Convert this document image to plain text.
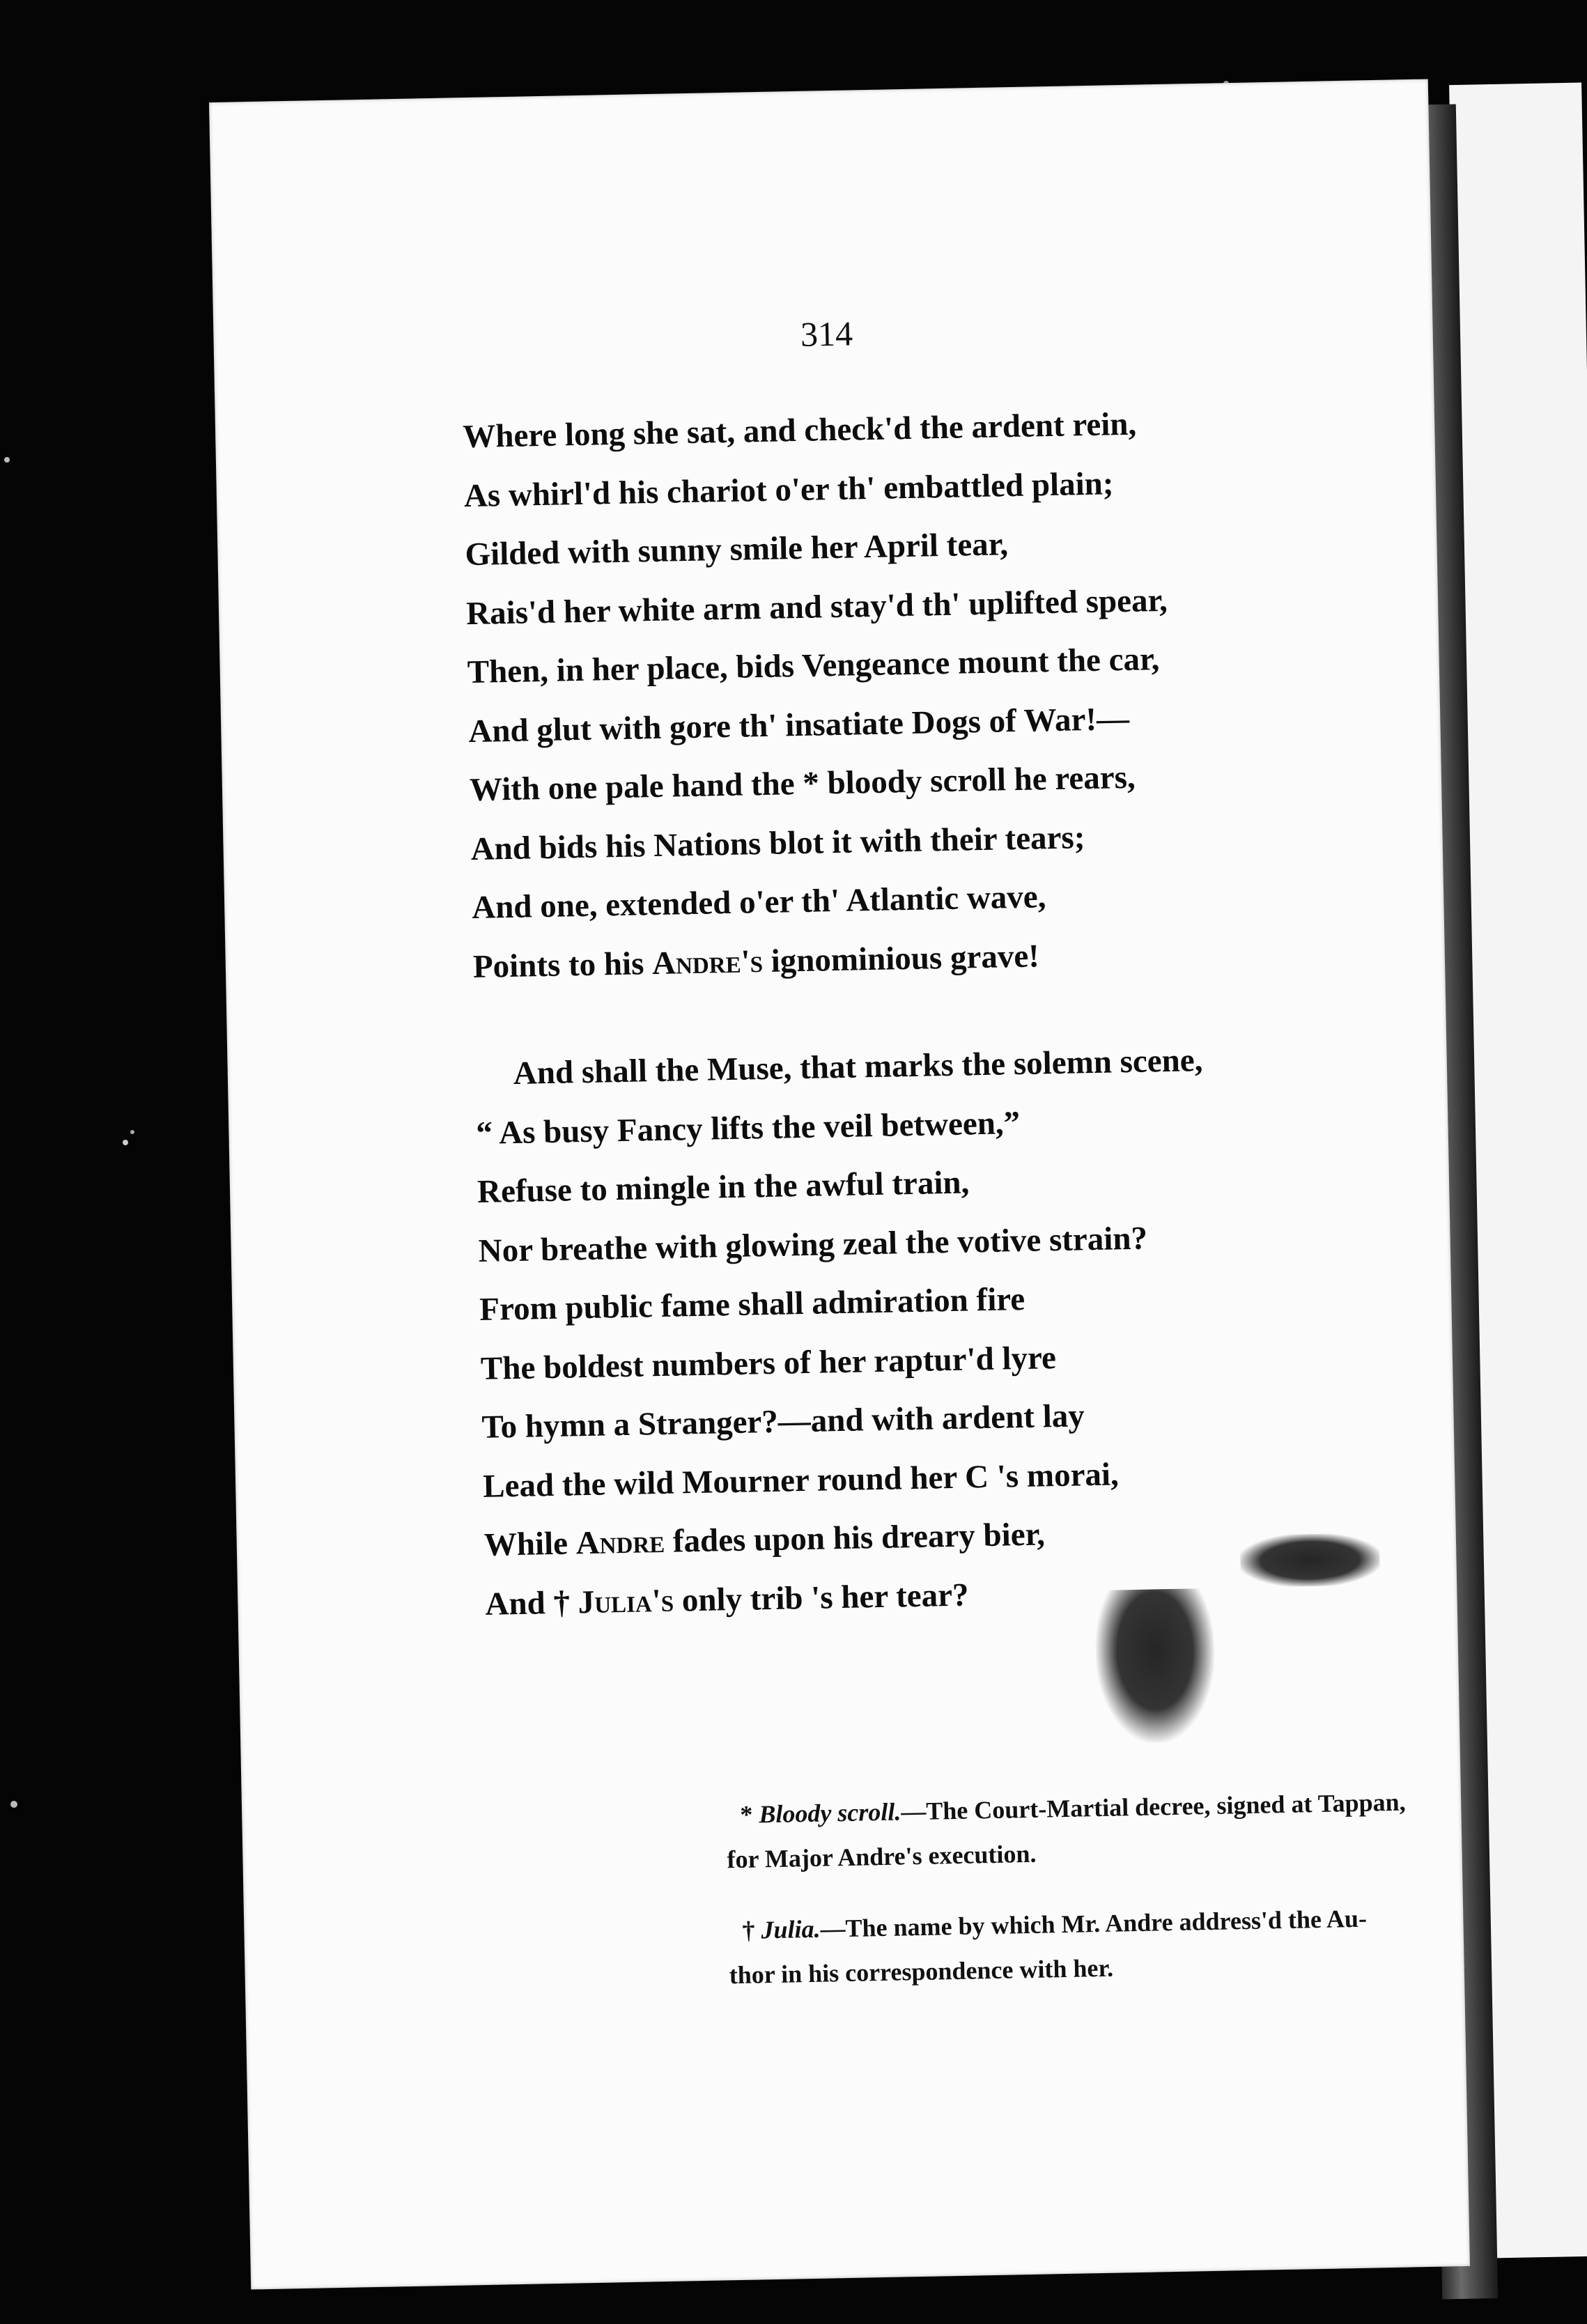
314
Where long she sat, and check'd the ardent rein,
As whirl'd his chariot o'er th' embattled plain;
Gilded with sunny smile her April tear,
Rais'd her white arm and stay'd th' uplifted spear,
Then, in her place, bids Vengeance mount the car,
And glut with gore th' insatiate Dogs of War!—
With one pale hand the * bloody scroll he rears,
And bids his Nations blot it with their tears;
And one, extended o'er th' Atlantic wave,
Points to his Andre's ignominious grave!
And shall the Muse, that marks the solemn scene,
“ As busy Fancy lifts the veil between,”
Refuse to mingle in the awful train,
Nor breathe with glowing zeal the votive strain?
From public fame shall admiration fire
The boldest numbers of her raptur'd lyre
To hymn a Stranger?—and with ardent lay
Lead the wild Mourner round her C 's morai,
While Andre fades upon his dreary bier,
And † Julia's only trib 's her tear?
* Bloody scroll.—The Court-Martial decree, signed at Tappan,
for Major Andre's execution.
† Julia.—The name by which Mr. Andre address'd the Au-
thor in his correspondence with her.
